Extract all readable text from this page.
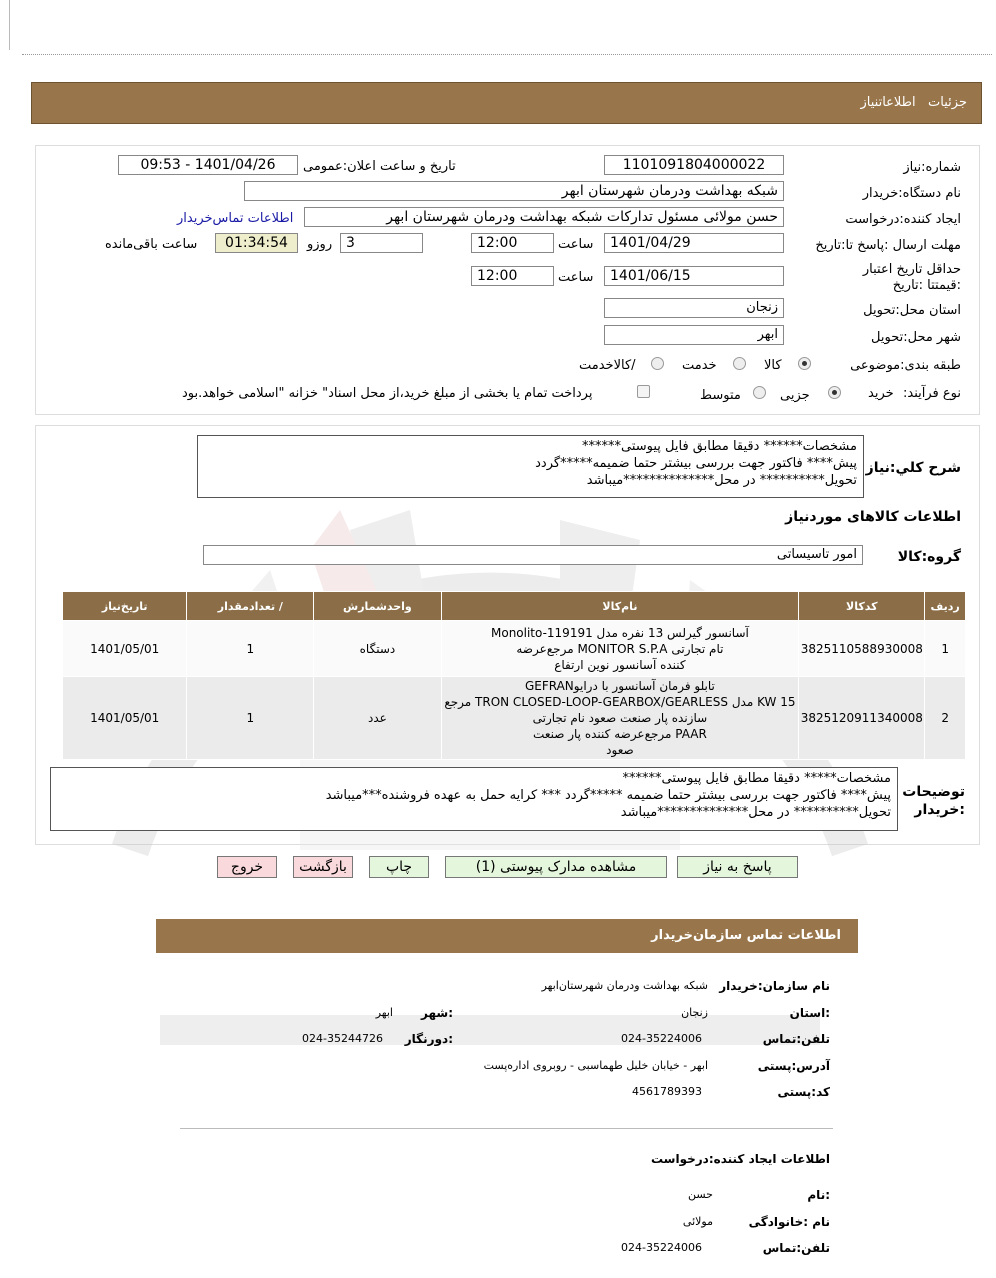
جزئیات   اطلاعاتنیاز
شماره:نیاز
1101091804000022
تاریخ و ساعت اعلان:عمومی
1401/04/26 - 09:53
نام دستگاه:خریدار
شبکه بهداشت ودرمان شهرستان ابهر
ایجاد کننده:درخواست
حسن مولائی مسئول تدارکات شبکه بهداشت ودرمان شهرستان ابهر
اطلاعات تماس‌خریدار
مهلت ارسال :پاسخ تا:تاریخ
1401/04/29
ساعت
12:00
3
روزو
01:34:54
ساعت باقی‌مانده
حداقل تاریخ اعتبار :قیمتتا :تاریخ
1401/06/15
ساعت
12:00
استان محل:تحویل
زنجان
شهر محل:تحویل
ابهر
طبقه بندی:موضوعی
کالا
خدمت
/کالاخدمت
نوع فرآیند:
خرید
جزیی
متوسط
پرداخت تمام یا بخشی از مبلغ خرید،از محل اسناد" خزانه "اسلامی خواهد.بود
شرح کلي:نیاز
مشخصات****** دقیقا مطابق فایل پیوستی******
پیش**** فاکتور جهت بررسی بیشتر حتما ضمیمه*****گردد
تحویل********** در محل**************میباشد
اطلاعات کالاهای موردنیاز
گروه:کالا
امور تاسیساتی
ردیف	کدکالا	نام‌کالا	واحدشمارش	/ تعدادمقدار	تاریخ‌نیاز
1	3825110588930008	آسانسور گیرلس 13 نفره مدل Monolito-119191
تام تجارتی MONITOR S.P.A مرجع‌عرضه
کننده آسانسور نوین ارتفاع	دستگاه	1	1401/05/01
2	3825120911340008	تابلو فرمان آسانسور با درایوGEFRAN
15 KW مدل TRON CLOSED-LOOP-GEARBOX/GEARLESS مرجع
سازنده پار صنعت صعود نام تجارتی
PAAR مرجع‌عرضه کننده پار صنعت
صعود	عدد	1	1401/05/01
توضیحات :خریدار
مشخصات***** دقیقا مطابق فایل پیوستی******
پیش**** فاکتور جهت بررسی بیشتر حتما ضمیمه *****گردد *** کرایه حمل به عهده فروشنده***میباشد
تحویل********** در محل**************میباشد
پاسخ به نیاز
مشاهده مدارک پیوستی (1)
چاپ
بازگشت
خروج
اطلاعات تماس سازمان‌خریدار
نام سازمان:خریدار
شبکه بهداشت ودرمان شهرستان‌ابهر
:استان
زنجان
:شهر
ابهر
تلفن:تماس
024-35224006
:دورنگار
024-35244726
آدرس:پستی
ابهر - خیابان خلیل طهماسبی - روبروی اداره‌پست
کد:پستی
4561789393
اطلاعات ایجاد کننده:درخواست
:نام
حسن
نام :خانوادگی
مولائی
تلفن:تماس
024-35224006
